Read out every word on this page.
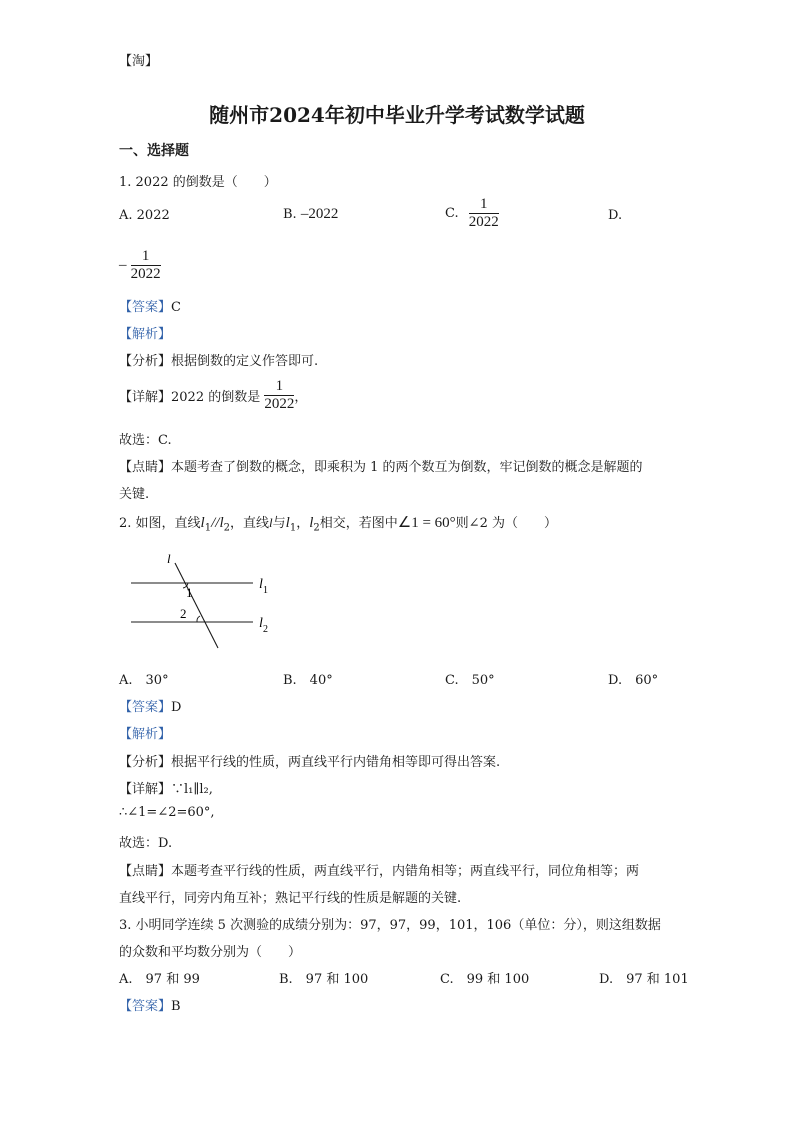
【淘】
随州市2024年初中毕业升学考试数学试题
一、选择题
1. 2022 的倒数是（　　）
A. 2022	B. –2022	C. $\frac{1}{2022}$	D.
– $\frac{1}{2022}$
【答案】C
【解析】
【分析】根据倒数的定义作答即可.
【详解】2022 的倒数是 $\frac{1}{2022}$ ，
故选：C.
【点睛】本题考查了倒数的概念，即乘积为 1 的两个数互为倒数，牢记倒数的概念是解题的
关键.
2. 如图，直线$l_1//l_2$，直线l与$l_1$，$l_2$相交，若图中∠1 = 60°则∠2 为（　　）
l
1
2
l 1
l 2
A.　30°	B.　40°	C.　50°	D.　60°
【答案】D
【解析】
【分析】根据平行线的性质，两直线平行内错角相等即可得出答案.
【详解】∵l₁∥l₂,
∴∠1=∠2=60°,
故选：D.
【点睛】本题考查平行线的性质，两直线平行，内错角相等；两直线平行，同位角相等；两
直线平行，同旁内角互补；熟记平行线的性质是解题的关键.
3. 小明同学连续 5 次测验的成绩分别为：97，97，99，101，106（单位：分），则这组数据
的众数和平均数分别为（　　）
A.　97 和 99	B.　97 和 100	C.　99 和 100	D.　97 和 101
【答案】B
